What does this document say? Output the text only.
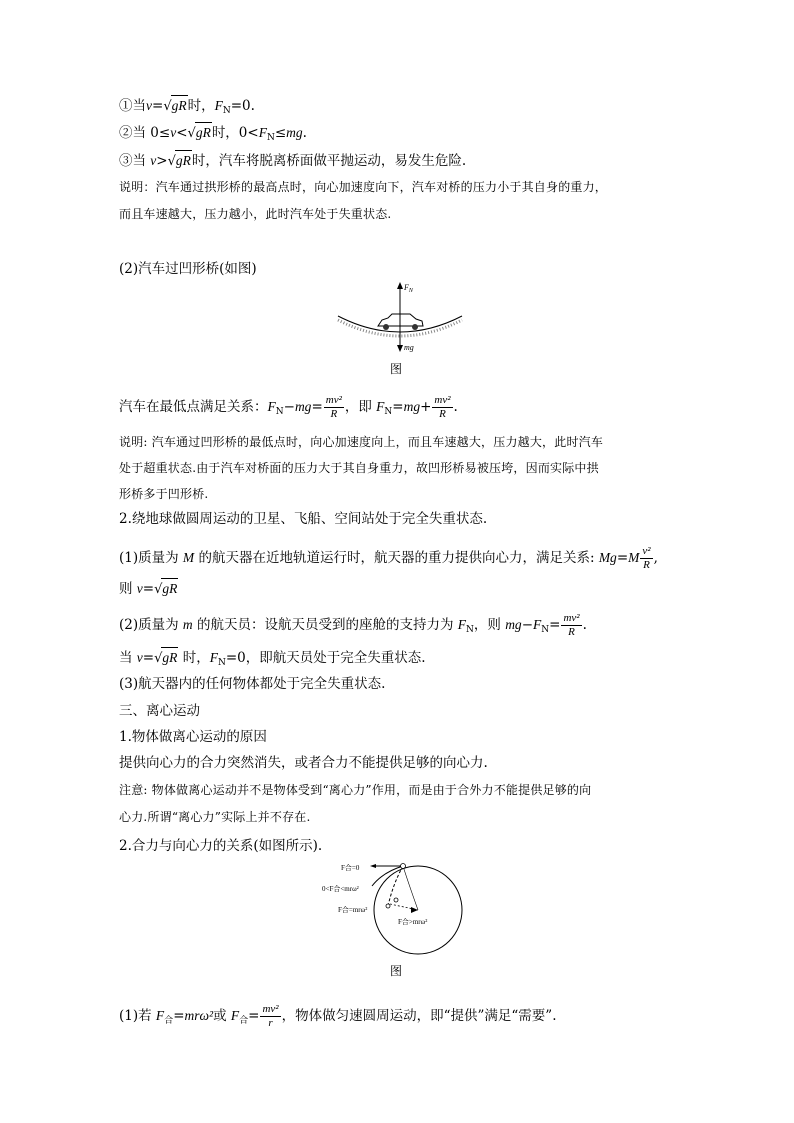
①当v=√gR时，$F_N=0$.
②当 0≤v<√gR时，$0<F_N\le mg$.
③当 v>√gR时，汽车将脱离桥面做平抛运动，易发生危险.
说明：汽车通过拱形桥的最高点时，向心加速度向下，汽车对桥的压力小于其自身的重力，
而且车速越大，压力越小，此时汽车处于失重状态.
(2)汽车过凹形桥(如图)
$F_N$
mg
图
汽车在最低点满足关系：$F_N-mg= \frac{\text{mv²}}{R}$ ，即 $F_N=mg+ \frac{\text{mv²}}{R}$ .
说明: 汽车通过凹形桥的最低点时，向心加速度向上，而且车速越大，压力越大，此时汽车
处于超重状态.由于汽车对桥面的压力大于其自身重力，故凹形桥易被压垮，因而实际中拱
形桥多于凹形桥.
2.绕地球做圆周运动的卫星、飞船、空间站处于完全失重状态.
(1)质量为 M 的航天器在近地轨道运行时，航天器的重力提供向心力，满足关系: $Mg=M \frac{\text{v²}}{R}$ ,
则 v=√gR
(2)质量为 m 的航天员：设航天员受到的座舱的支持力为 $F_N$，则 $mg-F_N= \frac{\text{mv²}}{R}$ .
当 v=√gR 时，$F_N=0$，即航天员处于完全失重状态.
(3)航天器内的任何物体都处于完全失重状态.
三、离心运动
1.物体做离心运动的原因
提供向心力的合力突然消失，或者合力不能提供足够的向心力.
注意: 物体做离心运动并不是物体受到“离心力”作用，而是由于合外力不能提供足够的向
心力.所谓“离心力”实际上并不存在.
2.合力与向心力的关系(如图所示).
F合=0
0<F合<mrω²
F合=mrω²
F合>mrω²
图
(1)若 $F_合=mr\omega^2$或 $F_合= \frac{\text{mv²}}{r}$ ，物体做匀速圆周运动，即“提供”满足“需要”.
